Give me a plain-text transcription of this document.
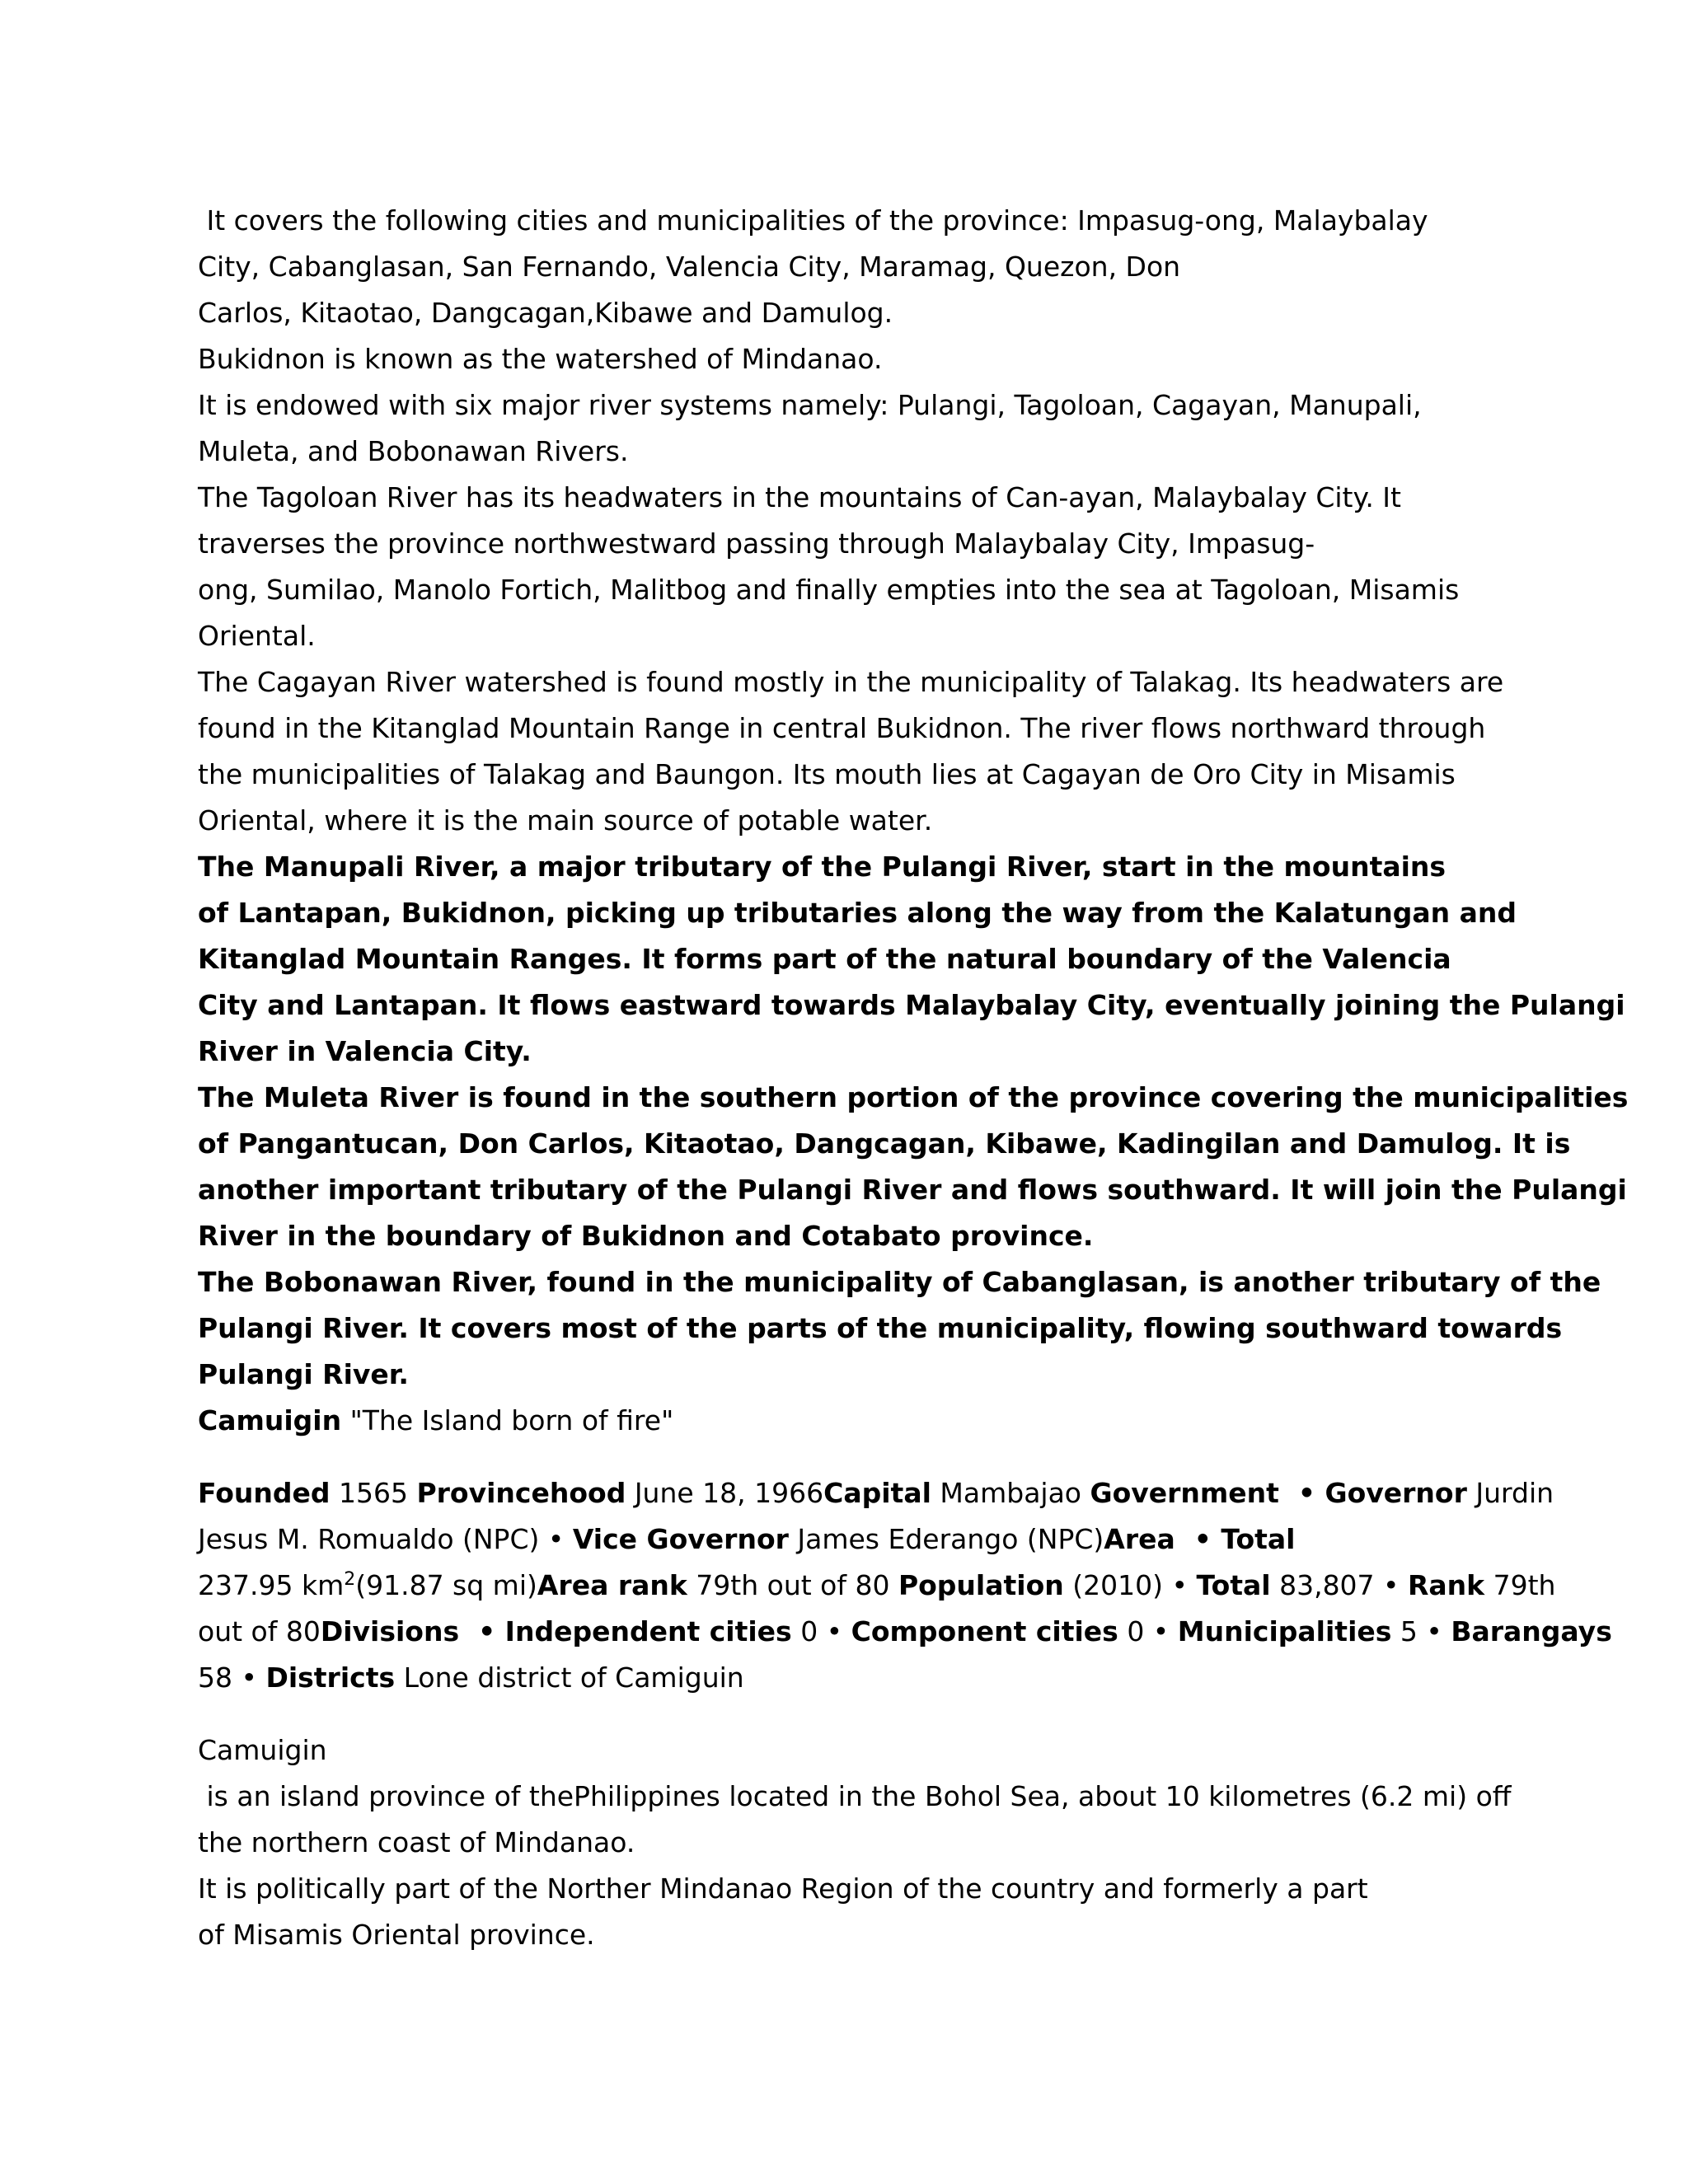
It covers the following cities and municipalities of the province: Impasug-ong, Malaybalay

City, Cabanglasan, San Fernando, Valencia City, Maramag, Quezon, Don

Carlos, Kitaotao, Dangcagan,Kibawe and Damulog.

Bukidnon is known as the watershed of Mindanao.

It is endowed with six major river systems namely: Pulangi, Tagoloan, Cagayan, Manupali,

Muleta, and Bobonawan Rivers.

The Tagoloan River has its headwaters in the mountains of Can-ayan, Malaybalay City. It

traverses the province northwestward passing through Malaybalay City, Impasug-

ong, Sumilao, Manolo Fortich, Malitbog and finally empties into the sea at Tagoloan, Misamis

Oriental.

The Cagayan River watershed is found mostly in the municipality of Talakag. Its headwaters are

found in the Kitanglad Mountain Range in central Bukidnon. The river flows northward through

the municipalities of Talakag and Baungon. Its mouth lies at Cagayan de Oro City in Misamis

Oriental, where it is the main source of potable water.

The Manupali River, a major tributary of the Pulangi River, start in the mountains

of Lantapan, Bukidnon, picking up tributaries along the way from the Kalatungan and

Kitanglad Mountain Ranges. It forms part of the natural boundary of the Valencia

City and Lantapan. It flows eastward towards Malaybalay City, eventually joining the Pulangi

River in Valencia City.

The Muleta River is found in the southern portion of the province covering the municipalities

of Pangantucan, Don Carlos, Kitaotao, Dangcagan, Kibawe, Kadingilan and Damulog. It is

another important tributary of the Pulangi River and flows southward. It will join the Pulangi

River in the boundary of Bukidnon and Cotabato province.

The Bobonawan River, found in the municipality of Cabanglasan, is another tributary of the

Pulangi River. It covers most of the parts of the municipality, flowing southward towards

Pulangi River.

Camuigin "The Island born of fire"

Founded 1565 Provincehood June 18, 1966Capital Mambajao Government  • Governor Jurdin

Jesus M. Romualdo (NPC) • Vice Governor James Ederango (NPC)Area  • Total

237.95 $km^2(91.87$ sq mi)Area rank 79th out of 80 Population (2010) • Total 83,807 • Rank 79th

out of 80Divisions  • Independent cities 0 • Component cities 0 • Municipalities 5 • Barangays

58 • Districts Lone district of Camiguin

Camuigin

is an island province of thePhilippines located in the Bohol Sea, about 10 kilometres (6.2 mi) off

the northern coast of Mindanao.

It is politically part of the Norther Mindanao Region of the country and formerly a part

of Misamis Oriental province.
